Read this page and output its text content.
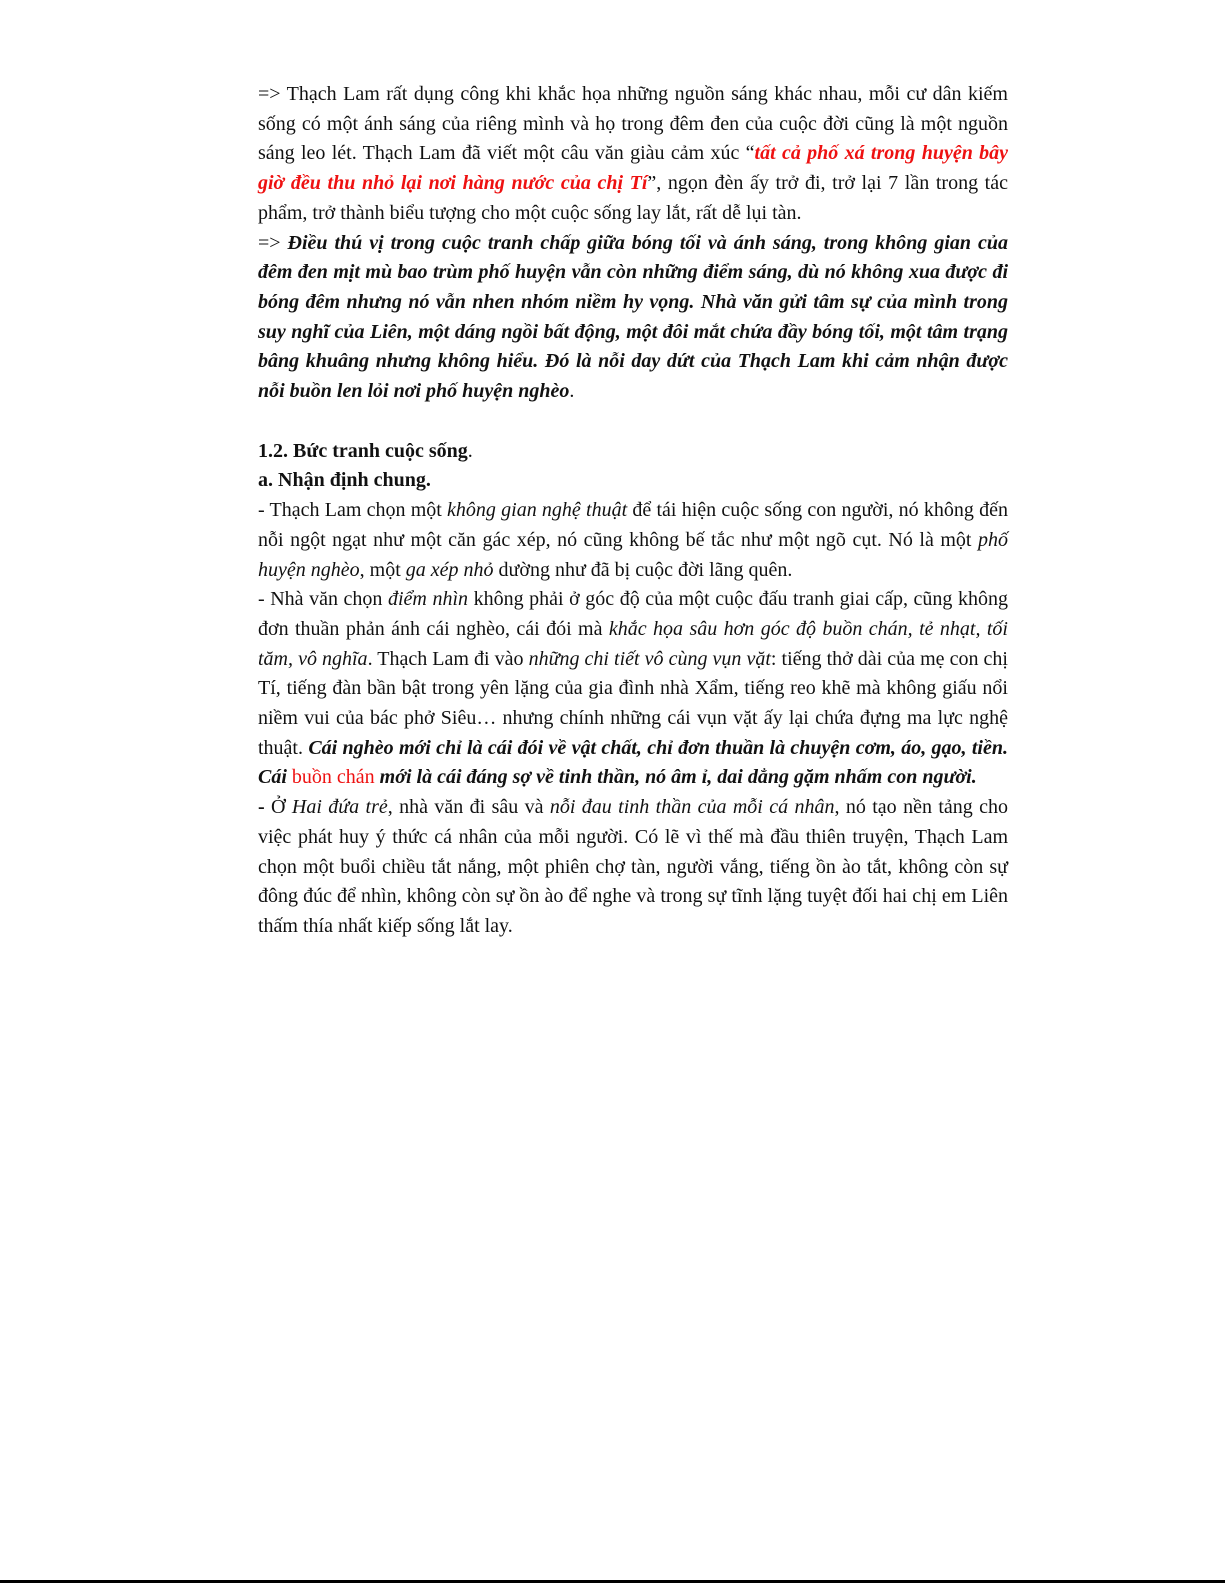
=> Thạch Lam rất dụng công khi khắc họa những nguồn sáng khác nhau, mỗi cư dân kiếm sống có một ánh sáng của riêng mình và họ trong đêm đen của cuộc đời cũng là một nguồn sáng leo lét. Thạch Lam đã viết một câu văn giàu cảm xúc “tất cả phố xá trong huyện bây giờ đều thu nhỏ lại nơi hàng nước của chị Tí”, ngọn đèn ấy trở đi, trở lại 7 lần trong tác phẩm, trở thành biểu tượng cho một cuộc sống lay lắt, rất dễ lụi tàn.

=> Điều thú vị trong cuộc tranh chấp giữa bóng tối và ánh sáng, trong không gian của đêm đen mịt mù bao trùm phố huyện vẫn còn những điểm sáng, dù nó không xua được đi bóng đêm nhưng nó vẫn nhen nhóm niềm hy vọng. Nhà văn gửi tâm sự của mình trong suy nghĩ của Liên, một dáng ngồi bất động, một đôi mắt chứa đầy bóng tối, một tâm trạng bâng khuâng nhưng không hiểu. Đó là nỗi day dứt của Thạch Lam khi cảm nhận được nỗi buồn len lỏi nơi phố huyện nghèo.

1.2. Bức tranh cuộc sống.

a. Nhận định chung.

- Thạch Lam chọn một không gian nghệ thuật để tái hiện cuộc sống con người, nó không đến nỗi ngột ngạt như một căn gác xép, nó cũng không bế tắc như một ngõ cụt. Nó là một phố huyện nghèo, một ga xép nhỏ dường như đã bị cuộc đời lãng quên.

- Nhà văn chọn điểm nhìn không phải ở góc độ của một cuộc đấu tranh giai cấp, cũng không đơn thuần phản ánh cái nghèo, cái đói mà khắc họa sâu hơn góc độ buồn chán, tẻ nhạt, tối tăm, vô nghĩa. Thạch Lam đi vào những chi tiết vô cùng vụn vặt: tiếng thở dài của mẹ con chị Tí, tiếng đàn bần bật trong yên lặng của gia đình nhà Xẩm, tiếng reo khẽ mà không giấu nổi niềm vui của bác phở Siêu… nhưng chính những cái vụn vặt ấy lại chứa đựng ma lực nghệ thuật. Cái nghèo mới chỉ là cái đói về vật chất, chỉ đơn thuần là chuyện cơm, áo, gạo, tiền. Cái buồn chán mới là cái đáng sợ về tinh thần, nó âm ỉ, dai dẳng gặm nhấm con người.

- Ở Hai đứa trẻ, nhà văn đi sâu và nỗi đau tinh thần của mỗi cá nhân, nó tạo nền tảng cho việc phát huy ý thức cá nhân của mỗi người. Có lẽ vì thế mà đầu thiên truyện, Thạch Lam chọn một buổi chiều tắt nắng, một phiên chợ tàn, người vắng, tiếng ồn ào tắt, không còn sự đông đúc để nhìn, không còn sự ồn ào để nghe và trong sự tĩnh lặng tuyệt đối hai chị em Liên thấm thía nhất kiếp sống lắt lay.
